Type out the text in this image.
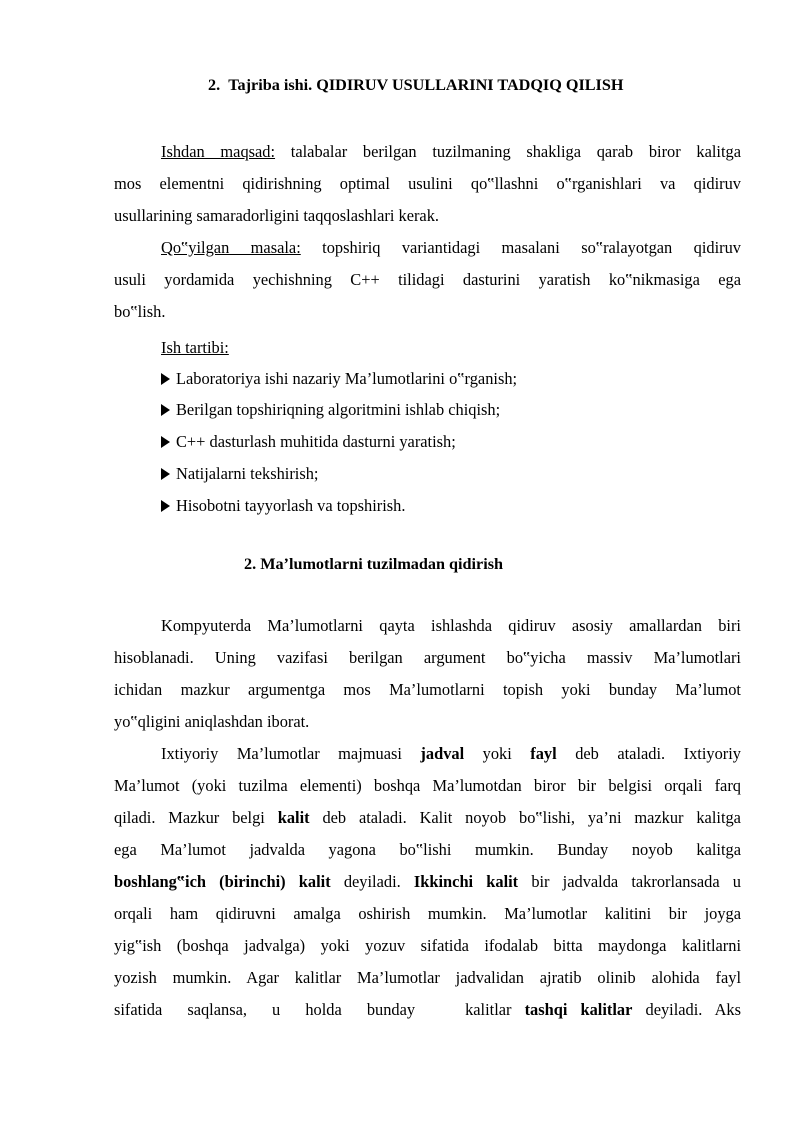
2. Tajriba ishi. QIDIRUV USULLARINI TADQIQ QILISH
Ishdan maqsad: talabalar berilgan tuzilmaning shakliga qarab biror kalitga
mos elementni qidirishning optimal usulini qo‟llashni o‟rganishlari va qidiruv
usullarining samaradorligini taqqoslashlari kerak.
Qo‟yilgan masala: topshiriq variantidagi masalani so‟ralayotgan qidiruv
usuli yordamida yechishning C++ tilidagi dasturini yaratish ko‟nikmasiga ega
bo‟lish.
Ish tartibi:
Laboratoriya ishi nazariy Ma’lumotlarini o‟rganish;
Berilgan topshiriqning algoritmini ishlab chiqish;
C++ dasturlash muhitida dasturni yaratish;
Natijalarni tekshirish;
Hisobotni tayyorlash va topshirish.
2. Ma’lumotlarni tuzilmadan qidirish
Kompyuterda Ma’lumotlarni qayta ishlashda qidiruv asosiy amallardan biri
hisoblanadi. Uning vazifasi berilgan argument bo‟yicha massiv Ma’lumotlari
ichidan mazkur argumentga mos Ma’lumotlarni topish yoki bunday Ma’lumot
yo‟qligini aniqlashdan iborat.
Ixtiyoriy Ma’lumotlar majmuasi jadval yoki fayl deb ataladi. Ixtiyoriy
Ma’lumot (yoki tuzilma elementi) boshqa Ma’lumotdan biror bir belgisi orqali farq
qiladi. Mazkur belgi kalit deb ataladi. Kalit noyob bo‟lishi, ya’ni mazkur kalitga
ega Ma’lumot jadvalda yagona bo‟lishi mumkin. Bunday noyob kalitga
boshlang‟ich (birinchi) kalit deyiladi. Ikkinchi kalit bir jadvalda takrorlansada u
orqali ham qidiruvni amalga oshirish mumkin. Ma’lumotlar kalitini bir joyga
yig‟ish (boshqa jadvalga) yoki yozuv sifatida ifodalab bitta maydonga kalitlarni
yozish mumkin. Agar kalitlar Ma’lumotlar jadvalidan ajratib olinib alohida fayl
sifatida saqlansa, u holda bunday	kalitlar tashqi kalitlar deyiladi. Aks
